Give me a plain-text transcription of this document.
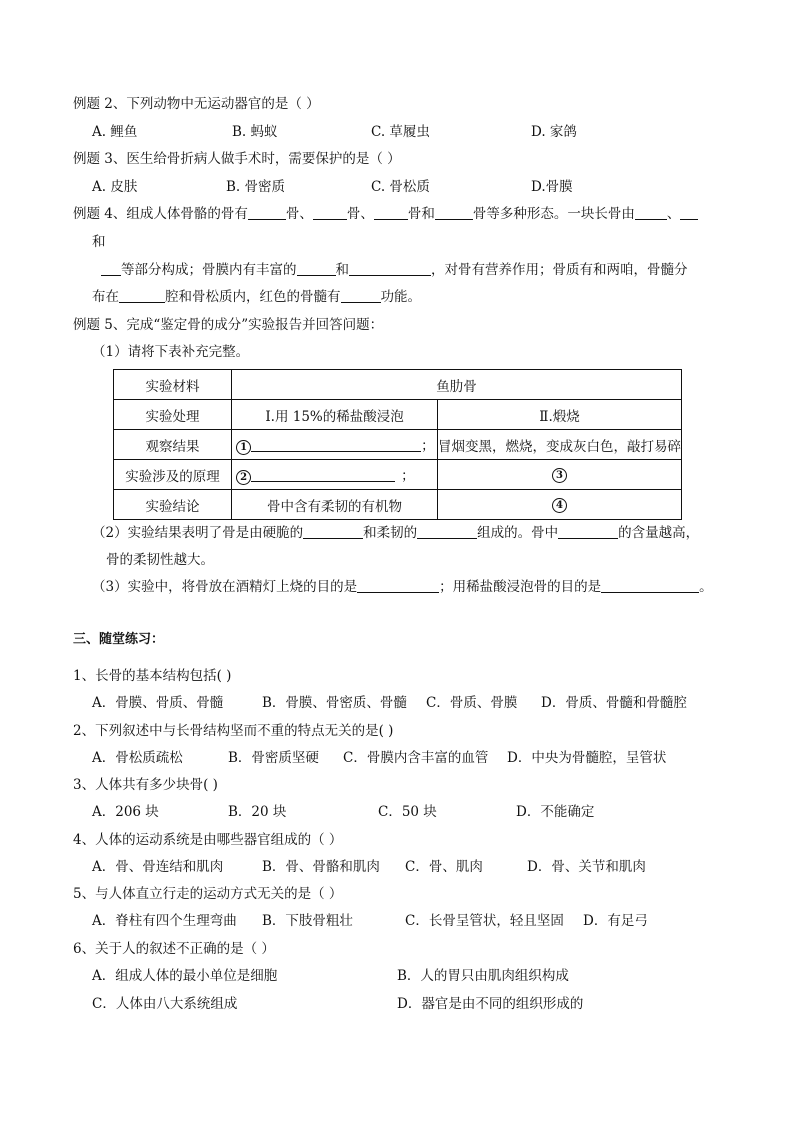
例题 2、下列动物中无运动器官的是（ ）
A. 鲤鱼	B. 蚂蚁	C. 草履虫	D. 家鸽
例题 3、医生给骨折病人做手术时，需要保护的是（ ）
A. 皮肤	B. 骨密质	C. 骨松质	D.骨膜
例题 4、组成人体骨骼的骨有	骨、	骨、	骨和	骨等多种形态。一块长骨由 、
和
等部分构成；骨膜内有丰富的	和	，对骨有营养作用；骨质有和两咱，骨髓分
布在	腔和骨松质内，红色的骨髓有	功能。
例题 5、完成“鉴定骨的成分”实验报告并回答问题：
（1）请将下表补充完整。
实验材料	鱼肋骨	
实验处理	Ⅰ.用 15%的稀盐酸浸泡	Ⅱ.煅烧
观察结果	1 ；	冒烟变黑，燃烧，变成灰白色，敲打易碎
实验涉及的原理	2 ；	3
实验结论	骨中含有柔韧的有机物	4
（2）实验结果表明了骨是由硬脆的	和柔韧的	组成的。骨中	的含量越高，
骨的柔韧性越大。
（3）实验中，将骨放在酒精灯上烧的目的是	；用稀盐酸浸泡骨的目的是	。
三、随堂练习：
1、长骨的基本结构包括( )
A．骨膜、骨质、骨髓	B．骨膜、骨密质、骨髓 C．骨质、骨膜 D．骨质、骨髓和骨髓腔
2、下列叙述中与长骨结构坚而不重的特点无关的是( )
A．骨松质疏松	B．骨密质坚硬 C．骨膜内含丰富的血管 D．中央为骨髓腔，呈管状
3、人体共有多少块骨( )
A．206 块	B．20 块	C．50 块	D．不能确定
4、人体的运动系统是由哪些器官组成的（ ）
A．骨、骨连结和肌肉	B．骨、骨骼和肌肉 C．骨、肌肉	D．骨、关节和肌肉
5、与人体直立行走的运动方式无关的是（ ）
A．脊柱有四个生理弯曲 B．下肢骨粗壮	C．长骨呈管状，轻且坚固 D．有足弓
6、关于人的叙述不正确的是（ ）
A．组成人体的最小单位是细胞	B．人的胃只由肌肉组织构成
C．人体由八大系统组成	D．器官是由不同的组织形成的
